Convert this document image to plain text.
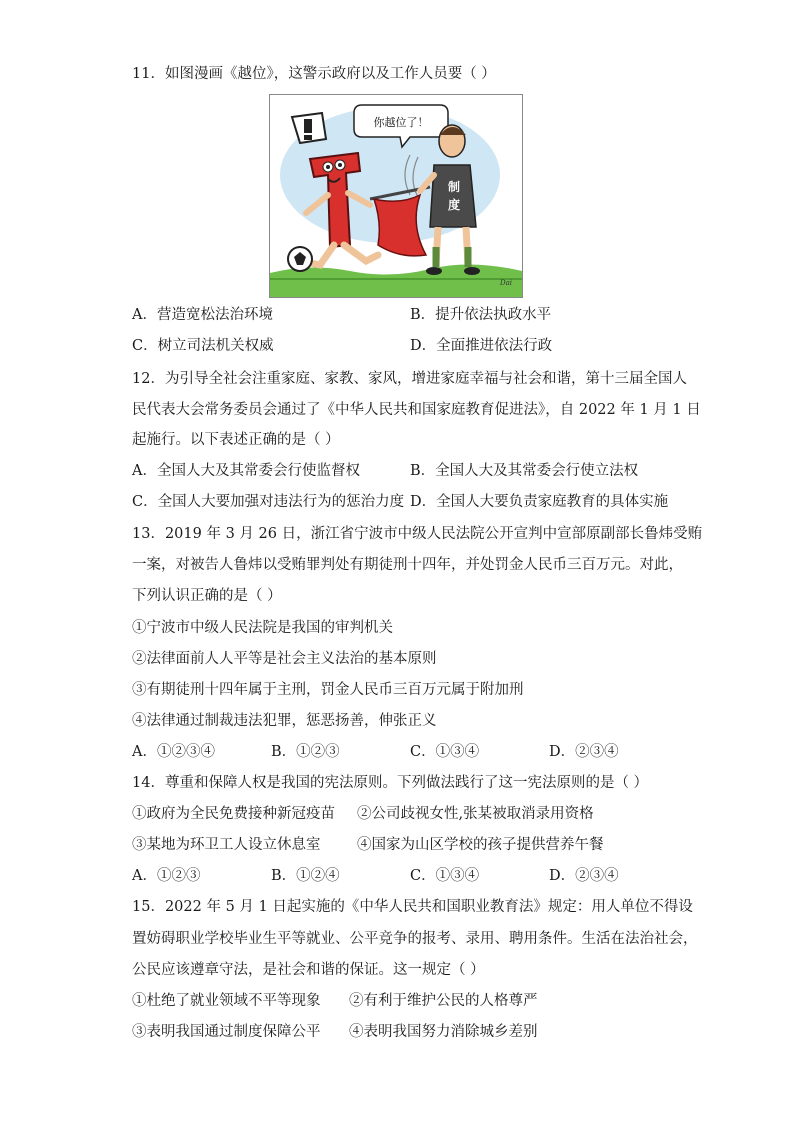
11．如图漫画《越位》，这警示政府以及工作人员要（ ）
你越位了！
制
度
Dai
A．营造宽松法治环境	B．提升依法执政水平
C．树立司法机关权威	D．全面推进依法行政
12．为引导全社会注重家庭、家教、家风，增进家庭幸福与社会和谐，第十三届全国人
民代表大会常务委员会通过了《中华人民共和国家庭教育促进法》，自 2022 年 1 月 1 日
起施行。以下表述正确的是（ ）
A．全国人大及其常委会行使监督权	B．全国人大及其常委会行使立法权
C．全国人大要加强对违法行为的惩治力度 D．全国人大要负责家庭教育的具体实施
13．2019 年 3 月 26 日，浙江省宁波市中级人民法院公开宣判中宣部原副部长鲁炜受贿
一案，对被告人鲁炜以受贿罪判处有期徒刑十四年，并处罚金人民币三百万元。对此，
下列认识正确的是（ ）
①宁波市中级人民法院是我国的审判机关
②法律面前人人平等是社会主义法治的基本原则
③有期徒刑十四年属于主刑，罚金人民币三百万元属于附加刑
④法律通过制裁违法犯罪，惩恶扬善，伸张正义
A．①②③④	B．①②③	C．①③④	D．②③④
14．尊重和保障人权是我国的宪法原则。下列做法践行了这一宪法原则的是（ ）
①政府为全民免费接种新冠疫苗 ②公司歧视女性,张某被取消录用资格
③某地为环卫工人设立休息室	④国家为山区学校的孩子提供营养午餐
A．①②③	B．①②④	C．①③④	D．②③④
15．2022 年 5 月 1 日起实施的《中华人民共和国职业教育法》规定：用人单位不得设
置妨碍职业学校毕业生平等就业、公平竞争的报考、录用、聘用条件。生活在法治社会，
公民应该遵章守法，是社会和谐的保证。这一规定（ ）
①杜绝了就业领域不平等现象 ②有利于维护公民的人格尊严
③表明我国通过制度保障公平 ④表明我国努力消除城乡差别
